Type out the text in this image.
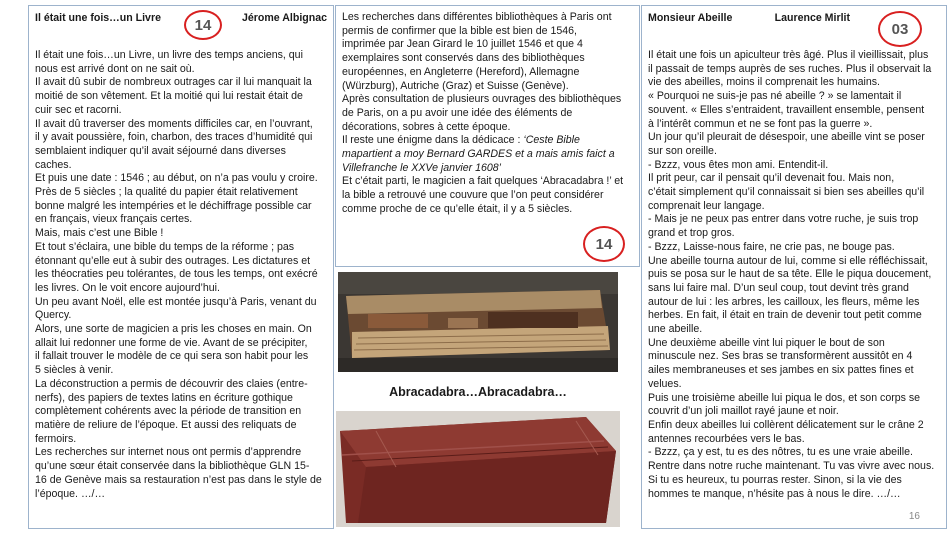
Il était une fois…un Livre	Jérome Albignac
14

Il était une fois…un Livre, un livre des temps anciens, qui

nous est arrivé dont on ne sait où.

Il avait dû subir de nombreux outrages car il lui manquait la

moitié de son vêtement. Et la moitié qui lui restait était de

cuir sec et racorni.

Il avait dû traverser des moments difficiles car, en l’ouvrant,

il y avait poussière, foin, charbon, des traces d’humidité qui

semblaient indiquer qu’il avait séjourné dans diverses

caches.

Et puis une date : 1546 ; au début, on n’a pas voulu y croire.

Près de 5 siècles ; la qualité du papier était relativement

bonne malgré les intempéries et le déchiffrage possible car

en français, vieux français certes.

Mais, mais c’est une Bible !

Et tout s’éclaira, une bible du temps de la réforme ; pas

étonnant qu’elle eut à subir des outrages. Les dictatures et

les théocraties peu tolérantes, de tous les temps, ont exécré

les livres. On le voit encore aujourd’hui.

Un peu avant Noël, elle est montée jusqu’à Paris, venant du

Quercy.

Alors, une sorte de magicien a pris les choses en main. On

allait lui redonner une forme de vie. Avant de se précipiter,

il fallait trouver le modèle de ce qui sera son habit pour les

5 siècles à venir.

La déconstruction a permis de découvrir des claies (entre-

nerfs), des papiers de textes latins en écriture gothique

complètement cohérents avec la période de transition en

matière de reliure de l’époque. Et aussi des reliquats de

fermoirs.

Les recherches sur internet nous ont permis d’apprendre

qu’une sœur était conservée dans la bibliothèque GLN 15-

16 de Genève mais sa restauration n’est pas dans le style de

l’époque. …/…

Les recherches dans différentes bibliothèques à Paris ont

permis de confirmer que la bible est bien de 1546,

imprimée par Jean Girard le 10 juillet 1546 et que 4

exemplaires sont conservés dans des bibliothèques

européennes, en Angleterre (Hereford), Allemagne

(Würzburg), Autriche (Graz) et Suisse (Genève).

Après consultation de plusieurs ouvrages des bibliothèques

de Paris, on a pu avoir une idée des éléments de

décorations, sobres à cette époque.

Il reste une énigme dans la dédicace : ‘Ceste Bible

mapartient a moy Bernard GARDES et a mais amis faict a

Villefranche le XXVe janvier 1608’

Et c’était parti, le magicien a fait quelques ‘Abracadabra !’ et

la bible a retrouvé une couvure que l’on peut considérer

comme proche de ce qu’elle était, il y a 5 siècles.

14
Abracadabra…Abracadabra…
Monsieur Abeille	Laurence Mirlit
03

Il était une fois un apiculteur très âgé. Plus il vieillissait, plus

il passait de temps auprès de ses ruches. Plus il observait la

vie des abeilles, moins il comprenait les humains.

« Pourquoi ne suis-je pas né abeille ? » se lamentait il

souvent. « Elles s’entraident, travaillent ensemble, pensent

à l’intérêt commun et ne se font pas la guerre ».

Un jour qu’il pleurait de désespoir, une abeille vint se poser

sur son oreille.

- Bzzz, vous êtes mon ami. Entendit-il.

Il prit peur, car il pensait qu’il devenait fou. Mais non,

c’était simplement qu’il connaissait si bien ses abeilles qu’il

comprenait leur langage.

- Mais je ne peux pas entrer dans votre ruche, je suis trop

grand et trop gros.

- Bzzz, Laisse-nous faire, ne crie pas, ne bouge pas.

Une abeille tourna autour de lui, comme si elle réfléchissait,

puis se posa sur le haut de sa tête. Elle le piqua doucement,

sans lui faire mal. D’un seul coup, tout devint très grand

autour de lui : les arbres, les cailloux, les fleurs, même les

herbes. En fait, il était en train de devenir tout petit comme

une abeille.

Une deuxième abeille vint lui piquer le bout de son

minuscule nez. Ses bras se transformèrent aussitôt en 4

ailes membraneuses et ses jambes en six pattes fines et

velues.

Puis une troisième abeille lui piqua le dos, et son corps se

couvrit d’un joli maillot rayé jaune et noir.

Enfin deux abeilles lui collèrent délicatement sur le crâne 2

antennes recourbées vers le bas.

- Bzzz, ça y est, tu es des nôtres, tu es une vraie abeille.

Rentre dans notre ruche maintenant. Tu vas vivre avec nous.

Si tu es heureux, tu pourras rester. Sinon, si la vie des

hommes te manque, n’hésite pas à nous le dire. …/…

16
